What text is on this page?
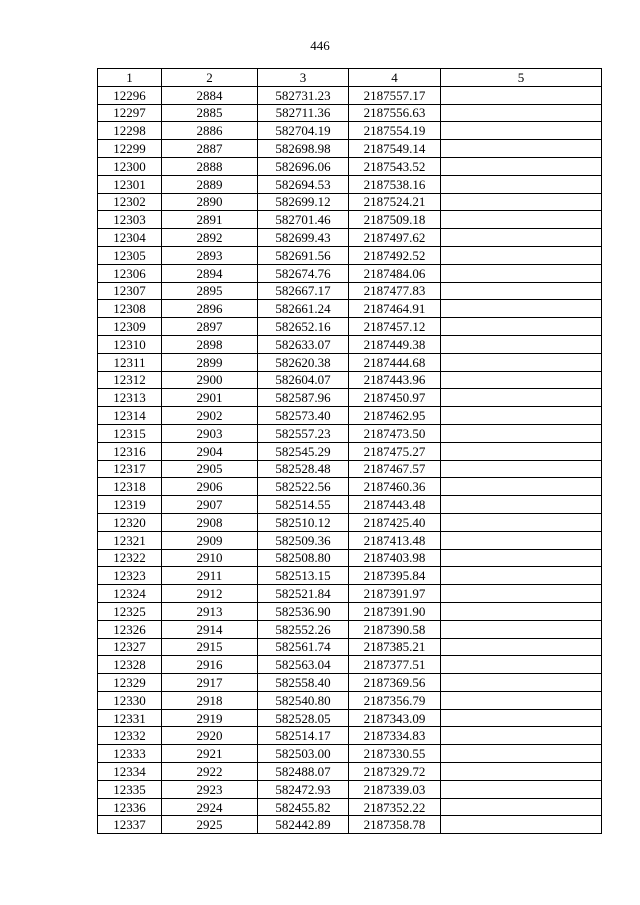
446
1	2	3	4	5
12296	2884	582731.23	2187557.17	
12297	2885	582711.36	2187556.63	
12298	2886	582704.19	2187554.19	
12299	2887	582698.98	2187549.14	
12300	2888	582696.06	2187543.52	
12301	2889	582694.53	2187538.16	
12302	2890	582699.12	2187524.21	
12303	2891	582701.46	2187509.18	
12304	2892	582699.43	2187497.62	
12305	2893	582691.56	2187492.52	
12306	2894	582674.76	2187484.06	
12307	2895	582667.17	2187477.83	
12308	2896	582661.24	2187464.91	
12309	2897	582652.16	2187457.12	
12310	2898	582633.07	2187449.38	
12311	2899	582620.38	2187444.68	
12312	2900	582604.07	2187443.96	
12313	2901	582587.96	2187450.97	
12314	2902	582573.40	2187462.95	
12315	2903	582557.23	2187473.50	
12316	2904	582545.29	2187475.27	
12317	2905	582528.48	2187467.57	
12318	2906	582522.56	2187460.36	
12319	2907	582514.55	2187443.48	
12320	2908	582510.12	2187425.40	
12321	2909	582509.36	2187413.48	
12322	2910	582508.80	2187403.98	
12323	2911	582513.15	2187395.84	
12324	2912	582521.84	2187391.97	
12325	2913	582536.90	2187391.90	
12326	2914	582552.26	2187390.58	
12327	2915	582561.74	2187385.21	
12328	2916	582563.04	2187377.51	
12329	2917	582558.40	2187369.56	
12330	2918	582540.80	2187356.79	
12331	2919	582528.05	2187343.09	
12332	2920	582514.17	2187334.83	
12333	2921	582503.00	2187330.55	
12334	2922	582488.07	2187329.72	
12335	2923	582472.93	2187339.03	
12336	2924	582455.82	2187352.22	
12337	2925	582442.89	2187358.78	
